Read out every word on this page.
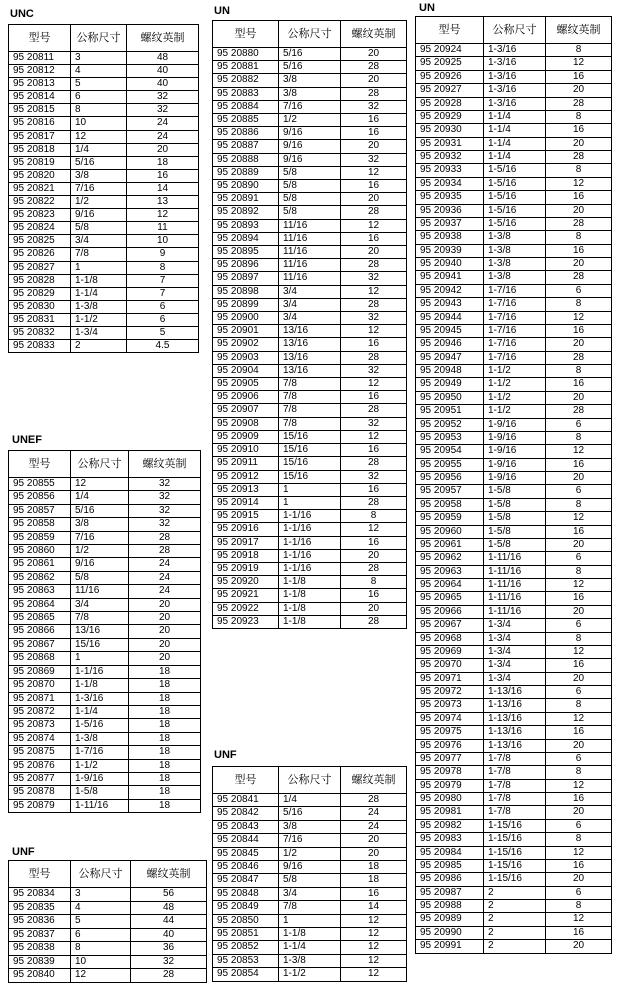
UNC
型号	公称尺寸	螺纹英制
95 20811	3	48
95 20812	4	40
95 20813	5	40
95 20814	6	32
95 20815	8	32
95 20816	10	24
95 20817	12	24
95 20818	1/4	20
95 20819	5/16	18
95 20820	3/8	16
95 20821	7/16	14
95 20822	1/2	13
95 20823	9/16	12
95 20824	5/8	11
95 20825	3/4	10
95 20826	7/8	9
95 20827	1	8
95 20828	1-1/8	7
95 20829	1-1/4	7
95 20830	1-3/8	6
95 20831	1-1/2	6
95 20832	1-3/4	5
95 20833	2	4.5
UNEF
型号	公称尺寸	螺纹英制
95 20855	12	32
95 20856	1/4	32
95 20857	5/16	32
95 20858	3/8	32
95 20859	7/16	28
95 20860	1/2	28
95 20861	9/16	24
95 20862	5/8	24
95 20863	11/16	24
95 20864	3/4	20
95 20865	7/8	20
95 20866	13/16	20
95 20867	15/16	20
95 20868	1	20
95 20869	1-1/16	18
95 20870	1-1/8	18
95 20871	1-3/16	18
95 20872	1-1/4	18
95 20873	1-5/16	18
95 20874	1-3/8	18
95 20875	1-7/16	18
95 20876	1-1/2	18
95 20877	1-9/16	18
95 20878	1-5/8	18
95 20879	1-11/16	18
UNF
型号	公称尺寸	螺纹英制
95 20834	3	56
95 20835	4	48
95 20836	5	44
95 20837	6	40
95 20838	8	36
95 20839	10	32
95 20840	12	28
UN
型号	公称尺寸	螺纹英制
95 20880	5/16	20
95 20881	5/16	28
95 20882	3/8	20
95 20883	3/8	28
95 20884	7/16	32
95 20885	1/2	16
95 20886	9/16	16
95 20887	9/16	20
95 20888	9/16	32
95 20889	5/8	12
95 20890	5/8	16
95 20891	5/8	20
95 20892	5/8	28
95 20893	11/16	12
95 20894	11/16	16
95 20895	11/16	20
95 20896	11/16	28
95 20897	11/16	32
95 20898	3/4	12
95 20899	3/4	28
95 20900	3/4	32
95 20901	13/16	12
95 20902	13/16	16
95 20903	13/16	28
95 20904	13/16	32
95 20905	7/8	12
95 20906	7/8	16
95 20907	7/8	28
95 20908	7/8	32
95 20909	15/16	12
95 20910	15/16	16
95 20911	15/16	28
95 20912	15/16	32
95 20913	1	16
95 20914	1	28
95 20915	1-1/16	8
95 20916	1-1/16	12
95 20917	1-1/16	16
95 20918	1-1/16	20
95 20919	1-1/16	28
95 20920	1-1/8	8
95 20921	1-1/8	16
95 20922	1-1/8	20
95 20923	1-1/8	28
UNF
型号	公称尺寸	螺纹英制
95 20841	1/4	28
95 20842	5/16	24
95 20843	3/8	24
95 20844	7/16	20
95 20845	1/2	20
95 20846	9/16	18
95 20847	5/8	18
95 20848	3/4	16
95 20849	7/8	14
95 20850	1	12
95 20851	1-1/8	12
95 20852	1-1/4	12
95 20853	1-3/8	12
95 20854	1-1/2	12
UN
型号	公称尺寸	螺纹英制
95 20924	1-3/16	8
95 20925	1-3/16	12
95 20926	1-3/16	16
95 20927	1-3/16	20
95 20928	1-3/16	28
95 20929	1-1/4	8
95 20930	1-1/4	16
95 20931	1-1/4	20
95 20932	1-1/4	28
95 20933	1-5/16	8
95 20934	1-5/16	12
95 20935	1-5/16	16
95 20936	1-5/16	20
95 20937	1-5/16	28
95 20938	1-3/8	8
95 20939	1-3/8	16
95 20940	1-3/8	20
95 20941	1-3/8	28
95 20942	1-7/16	6
95 20943	1-7/16	8
95 20944	1-7/16	12
95 20945	1-7/16	16
95 20946	1-7/16	20
95 20947	1-7/16	28
95 20948	1-1/2	8
95 20949	1-1/2	16
95 20950	1-1/2	20
95 20951	1-1/2	28
95 20952	1-9/16	6
95 20953	1-9/16	8
95 20954	1-9/16	12
95 20955	1-9/16	16
95 20956	1-9/16	20
95 20957	1-5/8	6
95 20958	1-5/8	8
95 20959	1-5/8	12
95 20960	1-5/8	16
95 20961	1-5/8	20
95 20962	1-11/16	6
95 20963	1-11/16	8
95 20964	1-11/16	12
95 20965	1-11/16	16
95 20966	1-11/16	20
95 20967	1-3/4	6
95 20968	1-3/4	8
95 20969	1-3/4	12
95 20970	1-3/4	16
95 20971	1-3/4	20
95 20972	1-13/16	6
95 20973	1-13/16	8
95 20974	1-13/16	12
95 20975	1-13/16	16
95 20976	1-13/16	20
95 20977	1-7/8	6
95 20978	1-7/8	8
95 20979	1-7/8	12
95 20980	1-7/8	16
95 20981	1-7/8	20
95 20982	1-15/16	6
95 20983	1-15/16	8
95 20984	1-15/16	12
95 20985	1-15/16	16
95 20986	1-15/16	20
95 20987	2	6
95 20988	2	8
95 20989	2	12
95 20990	2	16
95 20991	2	20
